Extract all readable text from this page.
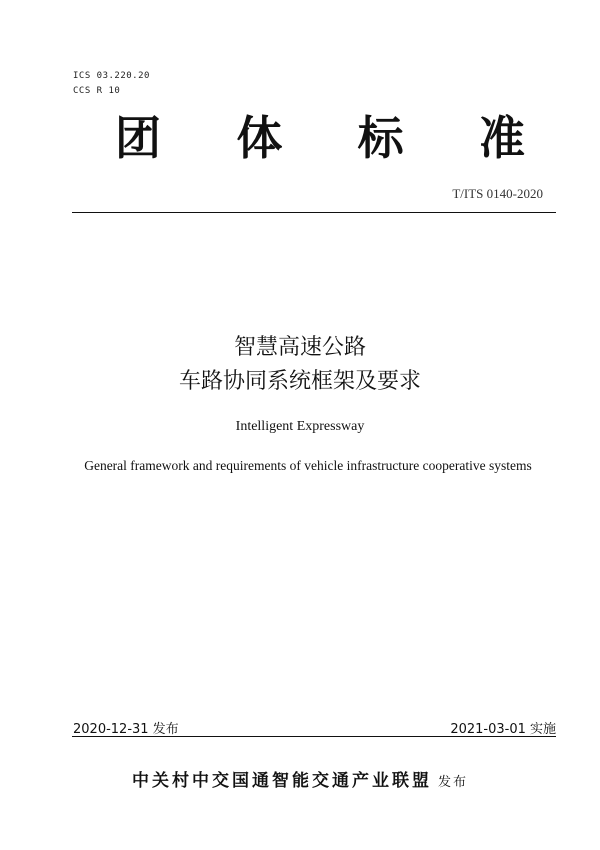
ICS 03.220.20
CCS R 10
团 体 标 准
T/ITS 0140-2020
智慧高速公路
车路协同系统框架及要求
Intelligent Expressway
General framework and requirements of vehicle infrastructure cooperative systems
2020-12-31 发布	2021-03-01 实施
中关村中交国通智能交通产业联盟 发布
